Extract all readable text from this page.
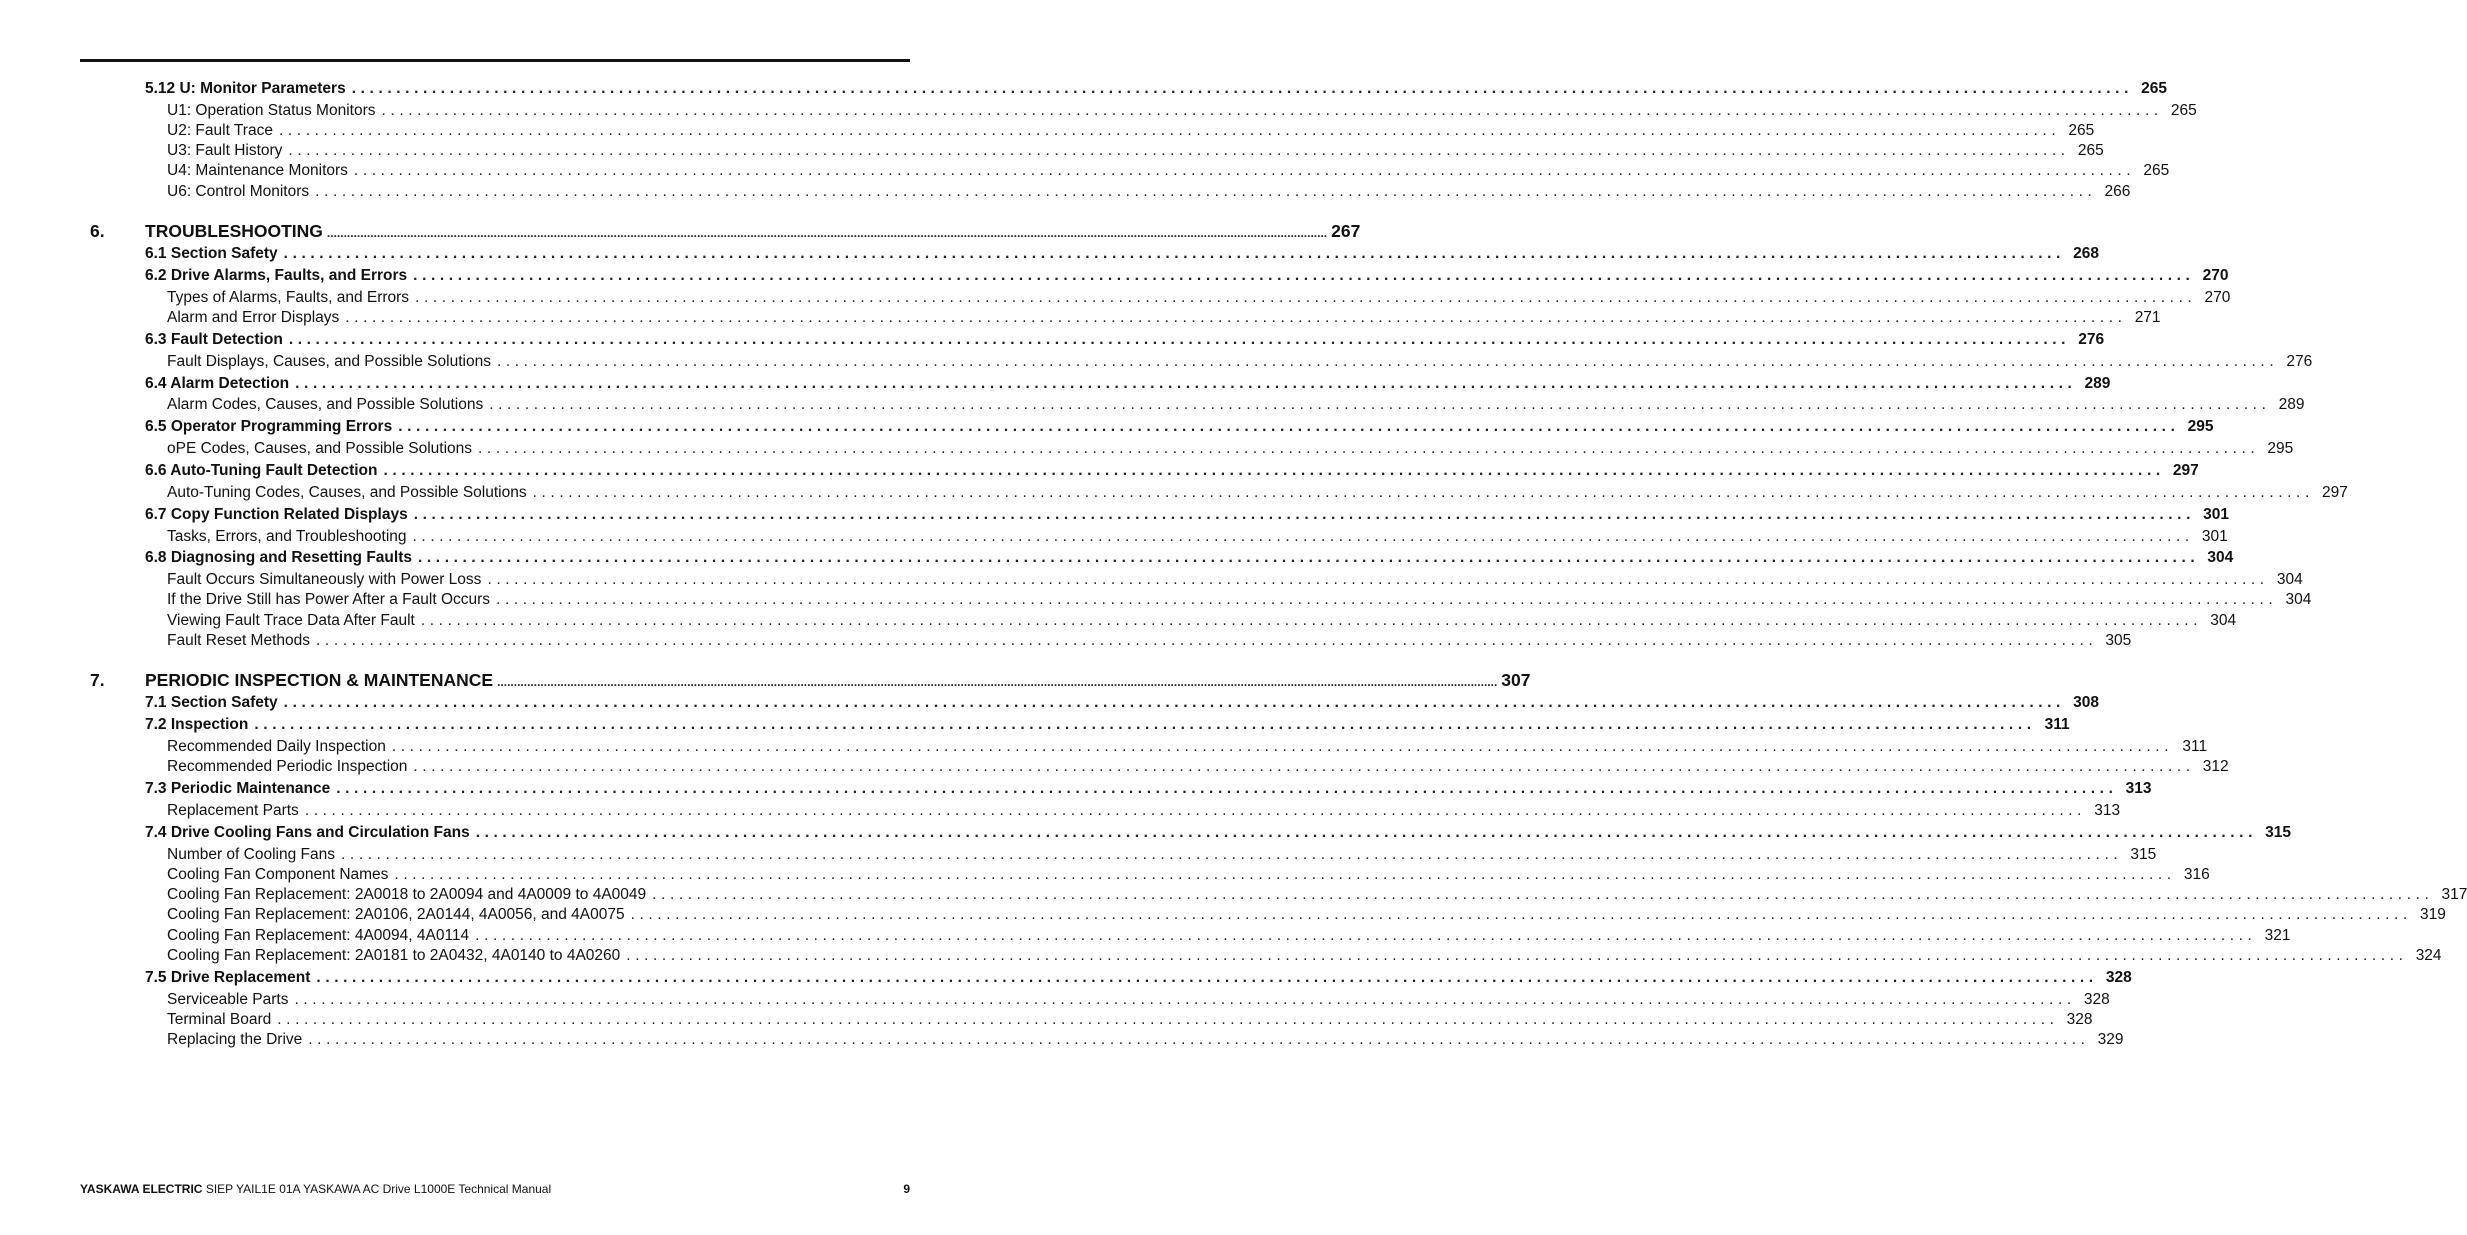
5.12 U: Monitor Parameters ........................................................................................................................................................................................................ 265
U1: Operation Status Monitors ........................................................................................................................................................................................................ 265
U2: Fault Trace ........................................................................................................................................................................................................ 265
U3: Fault History ........................................................................................................................................................................................................ 265
U4: Maintenance Monitors ........................................................................................................................................................................................................ 265
U6: Control Monitors ........................................................................................................................................................................................................ 266
6. TROUBLESHOOTING ............................................................................................................................................................................................................................................................................................................ 267
6.1 Section Safety ........................................................................................................................................................................................................ 268
6.2 Drive Alarms, Faults, and Errors ........................................................................................................................................................................................................ 270
Types of Alarms, Faults, and Errors ........................................................................................................................................................................................................ 270
Alarm and Error Displays ........................................................................................................................................................................................................ 271
6.3 Fault Detection ........................................................................................................................................................................................................ 276
Fault Displays, Causes, and Possible Solutions ........................................................................................................................................................................................................ 276
6.4 Alarm Detection ........................................................................................................................................................................................................ 289
Alarm Codes, Causes, and Possible Solutions ........................................................................................................................................................................................................ 289
6.5 Operator Programming Errors ........................................................................................................................................................................................................ 295
oPE Codes, Causes, and Possible Solutions ........................................................................................................................................................................................................ 295
6.6 Auto-Tuning Fault Detection ........................................................................................................................................................................................................ 297
Auto-Tuning Codes, Causes, and Possible Solutions ........................................................................................................................................................................................................ 297
6.7 Copy Function Related Displays ........................................................................................................................................................................................................ 301
Tasks, Errors, and Troubleshooting ........................................................................................................................................................................................................ 301
6.8 Diagnosing and Resetting Faults ........................................................................................................................................................................................................ 304
Fault Occurs Simultaneously with Power Loss ........................................................................................................................................................................................................ 304
If the Drive Still has Power After a Fault Occurs ........................................................................................................................................................................................................ 304
Viewing Fault Trace Data After Fault ........................................................................................................................................................................................................ 304
Fault Reset Methods ........................................................................................................................................................................................................ 305
7. PERIODIC INSPECTION & MAINTENANCE ............................................................................................................................................................................................................................................................................................................ 307
7.1 Section Safety ........................................................................................................................................................................................................ 308
7.2 Inspection ........................................................................................................................................................................................................ 311
Recommended Daily Inspection ........................................................................................................................................................................................................ 311
Recommended Periodic Inspection ........................................................................................................................................................................................................ 312
7.3 Periodic Maintenance ........................................................................................................................................................................................................ 313
Replacement Parts ........................................................................................................................................................................................................ 313
7.4 Drive Cooling Fans and Circulation Fans ........................................................................................................................................................................................................ 315
Number of Cooling Fans ........................................................................................................................................................................................................ 315
Cooling Fan Component Names ........................................................................................................................................................................................................ 316
Cooling Fan Replacement: 2A0018 to 2A0094 and 4A0009 to 4A0049 ........................................................................................................................................................................................................ 317
Cooling Fan Replacement: 2A0106, 2A0144, 4A0056, and 4A0075 ........................................................................................................................................................................................................ 319
Cooling Fan Replacement: 4A0094, 4A0114 ........................................................................................................................................................................................................ 321
Cooling Fan Replacement: 2A0181 to 2A0432, 4A0140 to 4A0260 ........................................................................................................................................................................................................ 324
7.5 Drive Replacement ........................................................................................................................................................................................................ 328
Serviceable Parts ........................................................................................................................................................................................................ 328
Terminal Board ........................................................................................................................................................................................................ 328
Replacing the Drive ........................................................................................................................................................................................................ 329
YASKAWA ELECTRIC SIEP YAIL1E 01A YASKAWA AC Drive L1000E Technical Manual	9
